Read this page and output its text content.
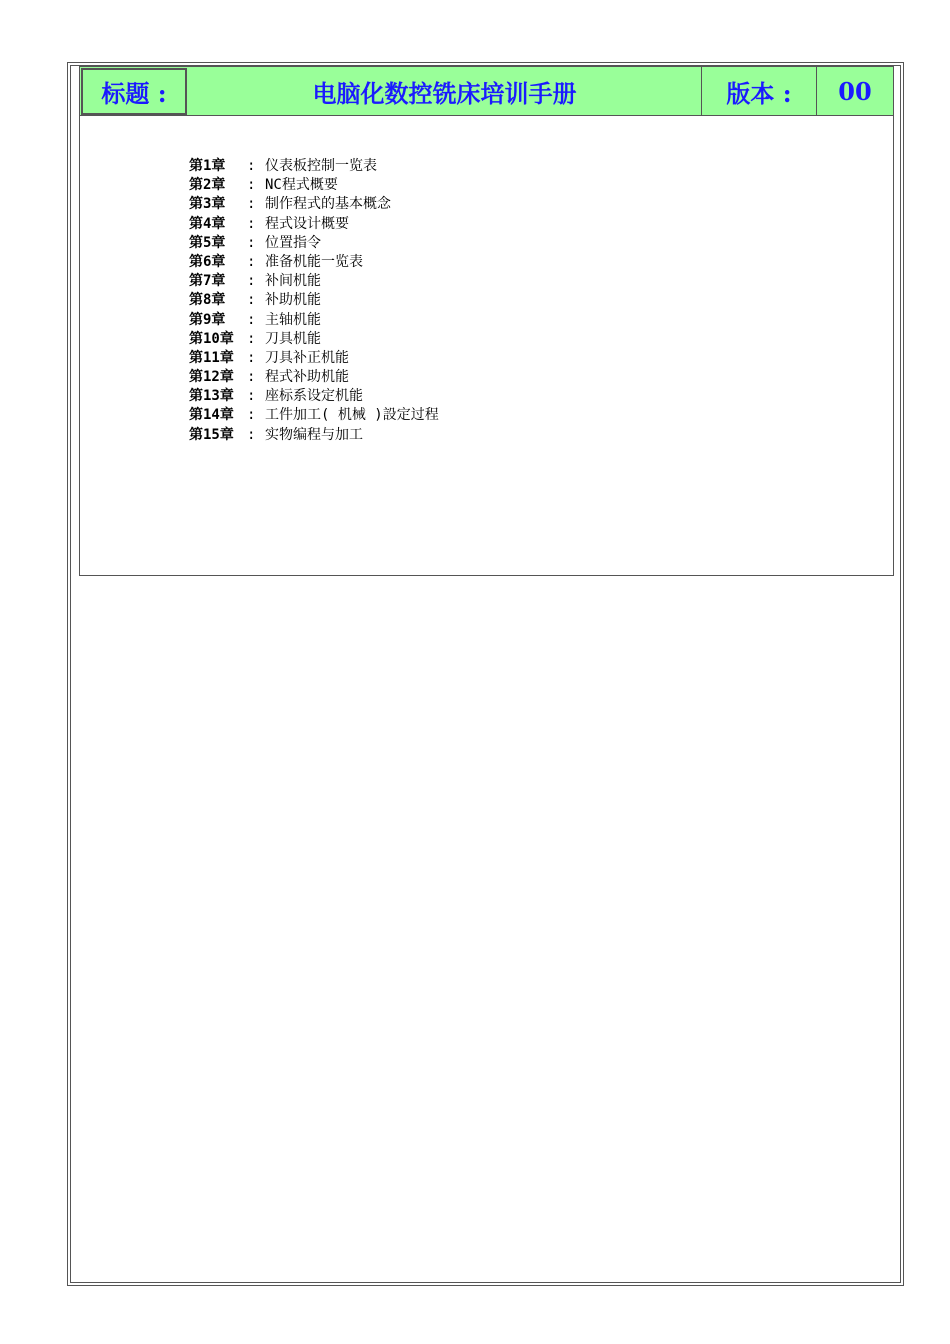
标题 :	电脑化数控铣床培训手册	版本 :	00
第1章	: 仪表板控制一览表
第2章	: NC程式概要
第3章	: 制作程式的基本概念
第4章	: 程式设计概要
第5章	: 位置指令
第6章	: 准备机能一览表
第7章	: 补间机能
第8章	: 补助机能
第9章	: 主轴机能
第10章 : 刀具机能
第11章 : 刀具补正机能
第12章 : 程式补助机能
第13章 : 座标系设定机能
第14章 : 工件加工( 机械 )設定过程
第15章 : 实物编程与加工
